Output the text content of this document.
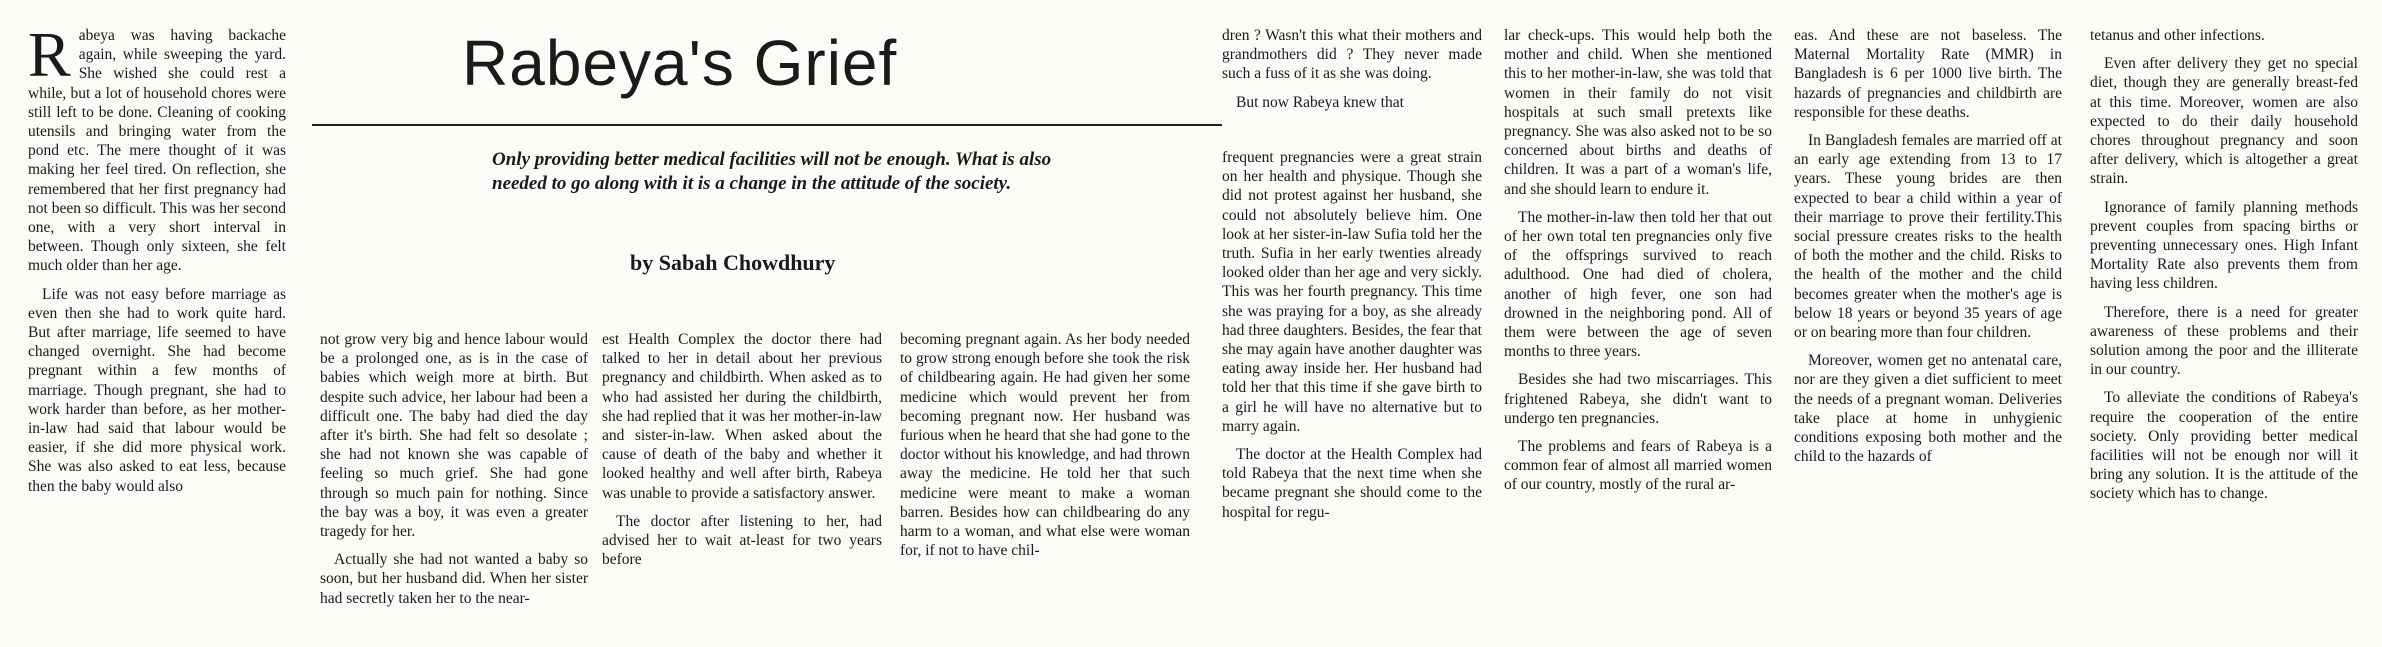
R abeya was having backache again, while sweeping the yard. She wished she could rest a while, but a lot of household chores were still left to be done. Cleaning of cooking utensils and bringing water from the pond etc. The mere thought of it was making her feel tired. On reflection, she remembered that her first pregnancy had not been so difficult. This was her second one, with a very short interval in between. Though only sixteen, she felt much older than her age.

Life was not easy before marriage as even then she had to work quite hard. But after marriage, life seemed to have changed overnight. She had become pregnant within a few months of marriage. Though pregnant, she had to work harder than before, as her mother-in-law had said that labour would be easier, if she did more physical work. She was also asked to eat less, because then the baby would also

Rabeya's Grief
Only providing better medical facilities will not be enough. What is also needed to go along with it is a change in the attitude of the society.
by Sabah Chowdhury

not grow very big and hence labour would be a prolonged one, as is in the case of babies which weigh more at birth. But despite such advice, her labour had been a difficult one. The baby had died the day after it's birth. She had felt so desolate ; she had not known she was capable of feeling so much grief. She had gone through so much pain for nothing. Since the bay was a boy, it was even a greater tragedy for her.

Actually she had not wanted a baby so soon, but her husband did. When her sister had secretly taken her to the near-

est Health Complex the doctor there had talked to her in detail about her previous pregnancy and childbirth. When asked as to who had assisted her during the childbirth, she had replied that it was her mother-in-law and sister-in-law. When asked about the cause of death of the baby and whether it looked healthy and well after birth, Rabeya was unable to provide a satisfactory answer.

The doctor after listening to her, had advised her to wait at-least for two years before

dren ? Wasn't this what their mothers and grandmothers did ? They never made such a fuss of it as she was doing.

But now Rabeya knew that

becoming pregnant again. As her body needed to grow strong enough before she took the risk of childbearing again. He had given her some medicine which would prevent her from becoming pregnant now. Her husband was furious when he heard that she had gone to the doctor without his knowledge, and had thrown away the medicine. He told her that such medicine were meant to make a woman barren. Besides how can childbearing do any harm to a woman, and what else were woman for, if not to have chil-

frequent pregnancies were a great strain on her health and physique. Though she did not protest against her husband, she could not absolutely believe him. One look at her sister-in-law Sufia told her the truth. Sufia in her early twenties already looked older than her age and very sickly. This was her fourth pregnancy. This time she was praying for a boy, as she already had three daughters. Besides, the fear that she may again have another daughter was eating away inside her. Her husband had told her that this time if she gave birth to a girl he will have no alternative but to marry again.

The doctor at the Health Complex had told Rabeya that the next time when she became pregnant she should come to the hospital for regu-

lar check-ups. This would help both the mother and child. When she mentioned this to her mother-in-law, she was told that women in their family do not visit hospitals at such small pretexts like pregnancy. She was also asked not to be so concerned about births and deaths of children. It was a part of a woman's life, and she should learn to endure it.

The mother-in-law then told her that out of her own total ten pregnancies only five of the offsprings survived to reach adulthood. One had died of cholera, another of high fever, one son had drowned in the neighboring pond. All of them were between the age of seven months to three years.

Besides she had two miscarriages. This frightened Rabeya, she didn't want to undergo ten pregnancies.

The problems and fears of Rabeya is a common fear of almost all married women of our country, mostly of the rural ar-

eas. And these are not baseless. The Maternal Mortality Rate (MMR) in Bangladesh is 6 per 1000 live birth. The hazards of pregnancies and childbirth are responsible for these deaths.

In Bangladesh females are married off at an early age extending from 13 to 17 years. These young brides are then expected to bear a child within a year of their marriage to prove their fertility.This social pressure creates risks to the health of both the mother and the child. Risks to the health of the mother and the child becomes greater when the mother's age is below 18 years or beyond 35 years of age or on bearing more than four children.

Moreover, women get no antenatal care, nor are they given a diet sufficient to meet the needs of a pregnant woman. Deliveries take place at home in unhygienic conditions exposing both mother and the child to the hazards of

tetanus and other infections.

Even after delivery they get no special diet, though they are generally breast-fed at this time. Moreover, women are also expected to do their daily household chores throughout pregnancy and soon after delivery, which is altogether a great strain.

Ignorance of family planning methods prevent couples from spacing births or preventing unnecessary ones. High Infant Mortality Rate also prevents them from having less children.

Therefore, there is a need for greater awareness of these problems and their solution among the poor and the illiterate in our country.

To alleviate the conditions of Rabeya's require the cooperation of the entire society. Only providing better medical facilities will not be enough nor will it bring any solution. It is the attitude of the society which has to change.
